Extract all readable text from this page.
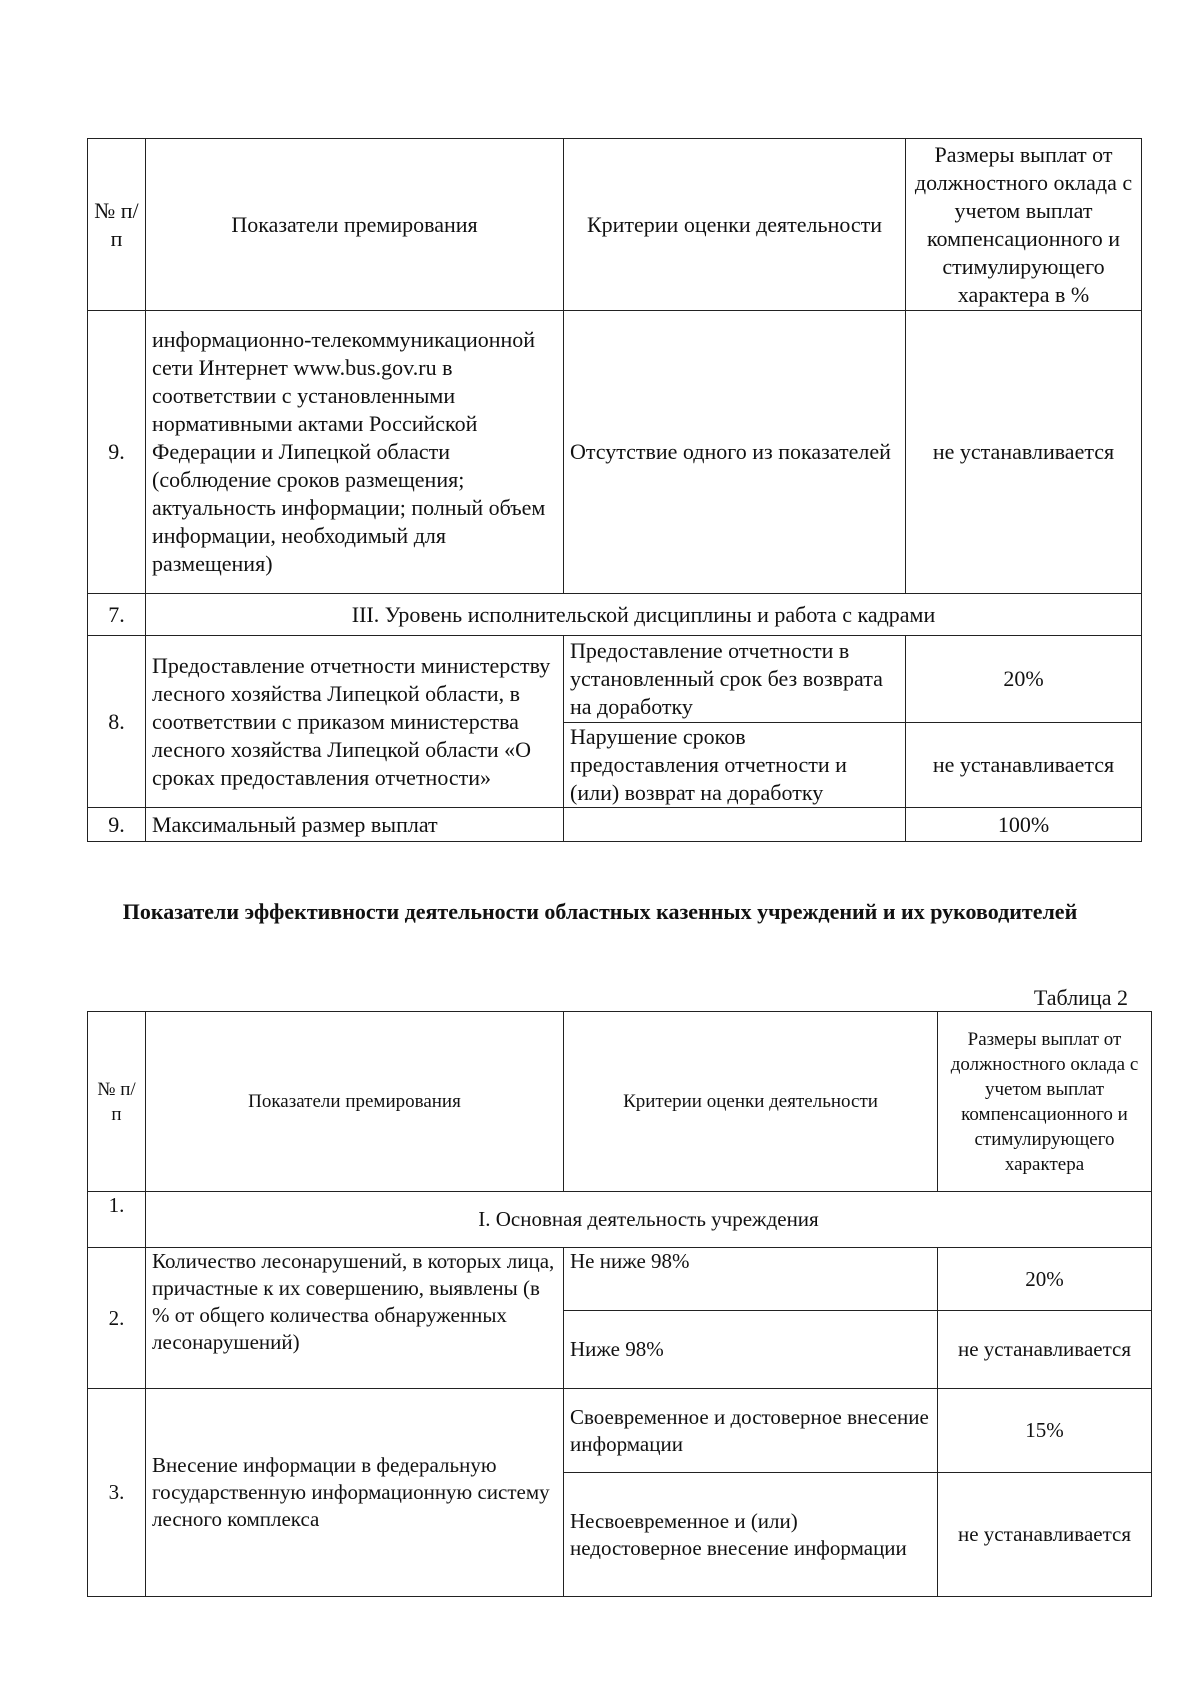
№ п/п	Показатели премирования	Критерии оценки деятельности	Размеры выплат от должностного оклада с учетом выплат компенсационного и стимулирующего характера в %
9.	информационно-телекоммуникационной сети Интернет www.bus.gov.ru в соответствии с установленными нормативными актами Российской Федерации и Липецкой области (соблюдение сроков размещения; актуальность информации; полный объем информации, необходимый для размещения)	Отсутствие одного из показателей	не устанавливается
7.	III. Уровень исполнительской дисциплины и работа с кадрами		
8.	Предоставление отчетности министерству лесного хозяйства Липецкой области, в соответствии с приказом министерства лесного хозяйства Липецкой области «О сроках предоставления отчетности»	Предоставление отчетности в установленный срок без возврата на доработку	20%
		Нарушение сроков предоставления отчетности и (или) возврат на доработку	не устанавливается
9.	Максимальный размер выплат		100%
Показатели эффективности деятельности областных казенных учреждений и их руководителей
Таблица 2
№ п/п	Показатели премирования	Критерии оценки деятельности	Размеры выплат от должностного оклада с учетом выплат компенсационного и стимулирующего характера
1.	I. Основная деятельность учреждения		
2.	Количество лесонарушений, в которых лица, причастные к их совершению, выявлены (в % от общего количества обнаруженных лесонарушений)	Не ниже 98%	20%
		Ниже 98%	не устанавливается
3.	Внесение информации в федеральную государственную информационную систему лесного комплекса	Своевременное и достоверное внесение информации	15%
		Несвоевременное и (или) недостоверное внесение информации	не устанавливается
